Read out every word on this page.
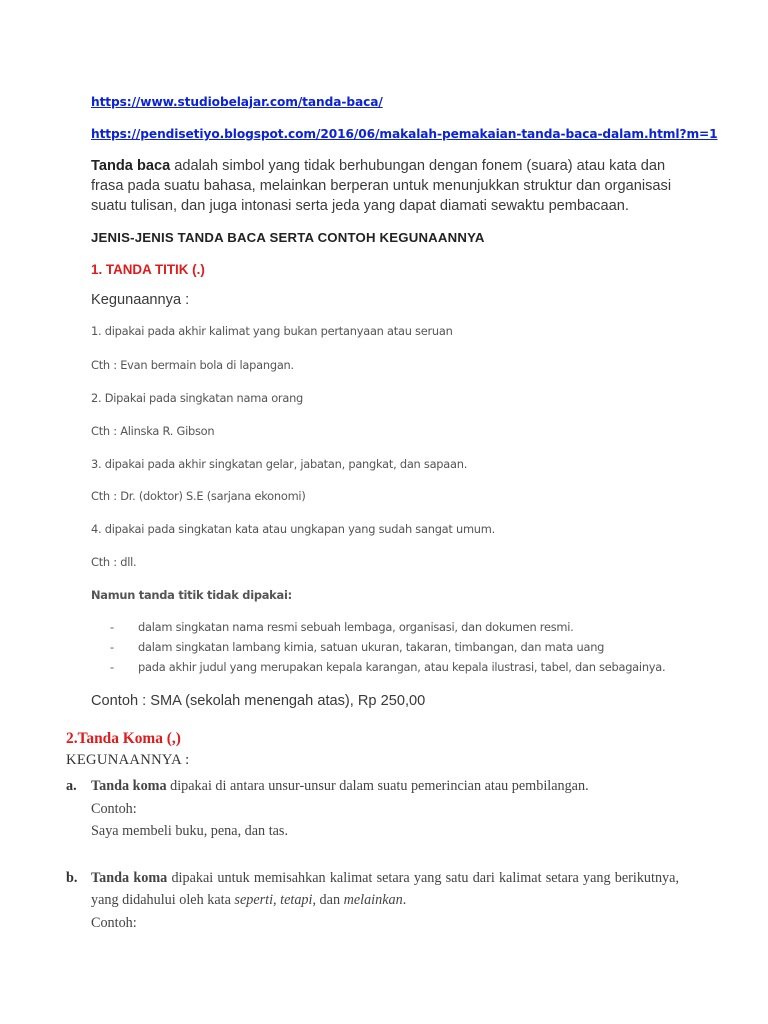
https://www.studiobelajar.com/tanda-baca/
https://pendisetiyo.blogspot.com/2016/06/makalah-pemakaian-tanda-baca-dalam.html?m=1

Tanda baca adalah simbol yang tidak berhubungan dengan fonem (suara) atau kata dan frasa pada suatu bahasa, melainkan berperan untuk menunjukkan struktur dan organisasi suatu tulisan, dan juga intonasi serta jeda yang dapat diamati sewaktu pembacaan.

JENIS-JENIS TANDA BACA SERTA CONTOH KEGUNAANNYA
1. TANDA TITIK (.)
Kegunaannya :
1. dipakai pada akhir kalimat yang bukan pertanyaan atau seruan
Cth : Evan bermain bola di lapangan.
2. Dipakai pada singkatan nama orang
Cth : Alinska R. Gibson
3. dipakai pada akhir singkatan gelar, jabatan, pangkat, dan sapaan.
Cth : Dr. (doktor) S.E (sarjana ekonomi)
4. dipakai pada singkatan kata atau ungkapan yang sudah sangat umum.
Cth : dll.
Namun tanda titik tidak dipakai:
- dalam singkatan nama resmi sebuah lembaga, organisasi, dan dokumen resmi.
- dalam singkatan lambang kimia, satuan ukuran, takaran, timbangan, dan mata uang
- pada akhir judul yang merupakan kepala karangan, atau kepala ilustrasi, tabel, dan sebagainya.
Contoh : SMA (sekolah menengah atas), Rp 250,00
2.Tanda Koma (,)
KEGUNAANNYA :
a. Tanda koma dipakai di antara unsur-unsur dalam suatu pemerincian atau pembilangan.
Contoh:
Saya membeli buku, pena, dan tas.
b. Tanda koma dipakai untuk memisahkan kalimat setara yang satu dari kalimat setara yang berikutnya, yang didahului oleh kata seperti, tetapi, dan melainkan.

Contoh:
